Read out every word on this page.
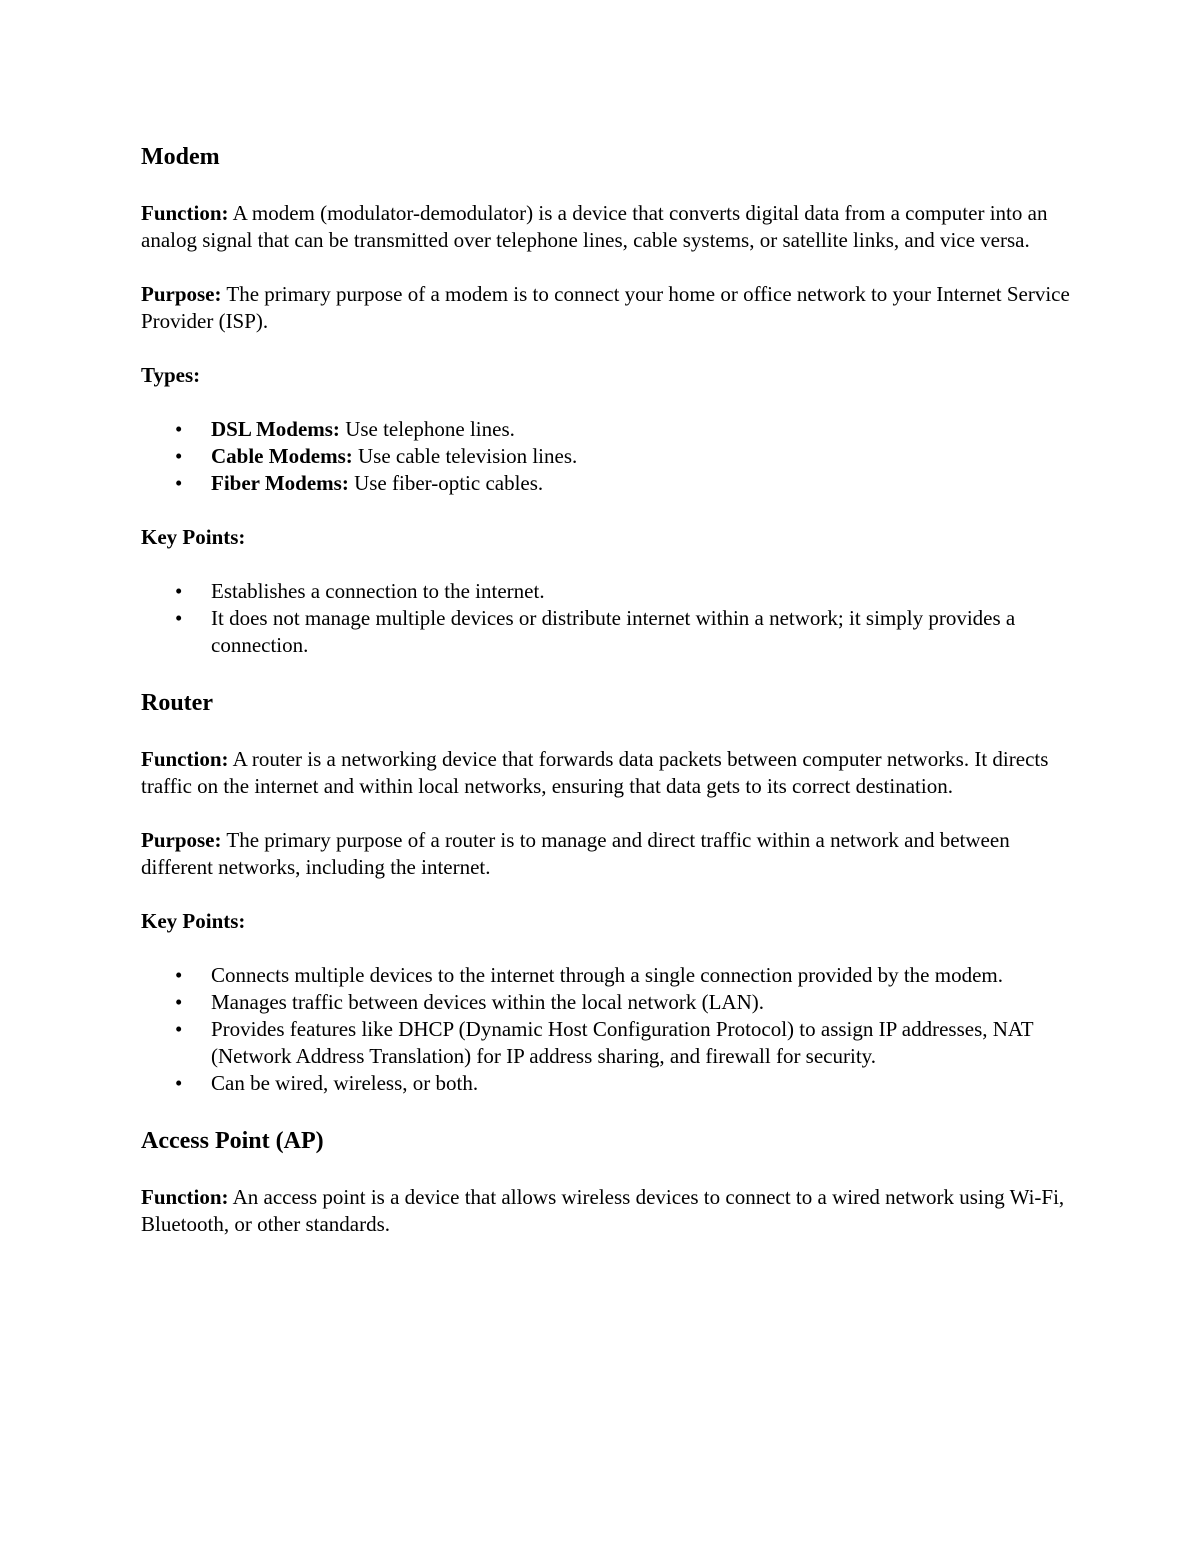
Modem

Function: A modem (modulator-demodulator) is a device that converts digital data from a computer into an analog signal that can be transmitted over telephone lines, cable systems, or satellite links, and vice versa.

Purpose: The primary purpose of a modem is to connect your home or office network to your Internet Service Provider (ISP).

Types:

• DSL Modems: Use telephone lines.
• Cable Modems: Use cable television lines.
• Fiber Modems: Use fiber-optic cables.

Key Points:

• Establishes a connection to the internet.
• It does not manage multiple devices or distribute internet within a network; it simply provides a connection.
Router

Function: A router is a networking device that forwards data packets between computer networks. It directs traffic on the internet and within local networks, ensuring that data gets to its correct destination.

Purpose: The primary purpose of a router is to manage and direct traffic within a network and between different networks, including the internet.

Key Points:

• Connects multiple devices to the internet through a single connection provided by the modem.
• Manages traffic between devices within the local network (LAN).
• Provides features like DHCP (Dynamic Host Configuration Protocol) to assign IP addresses, NAT (Network Address Translation) for IP address sharing, and firewall for security.
• Can be wired, wireless, or both.
Access Point (AP)

Function: An access point is a device that allows wireless devices to connect to a wired network using Wi-Fi, Bluetooth, or other standards.
